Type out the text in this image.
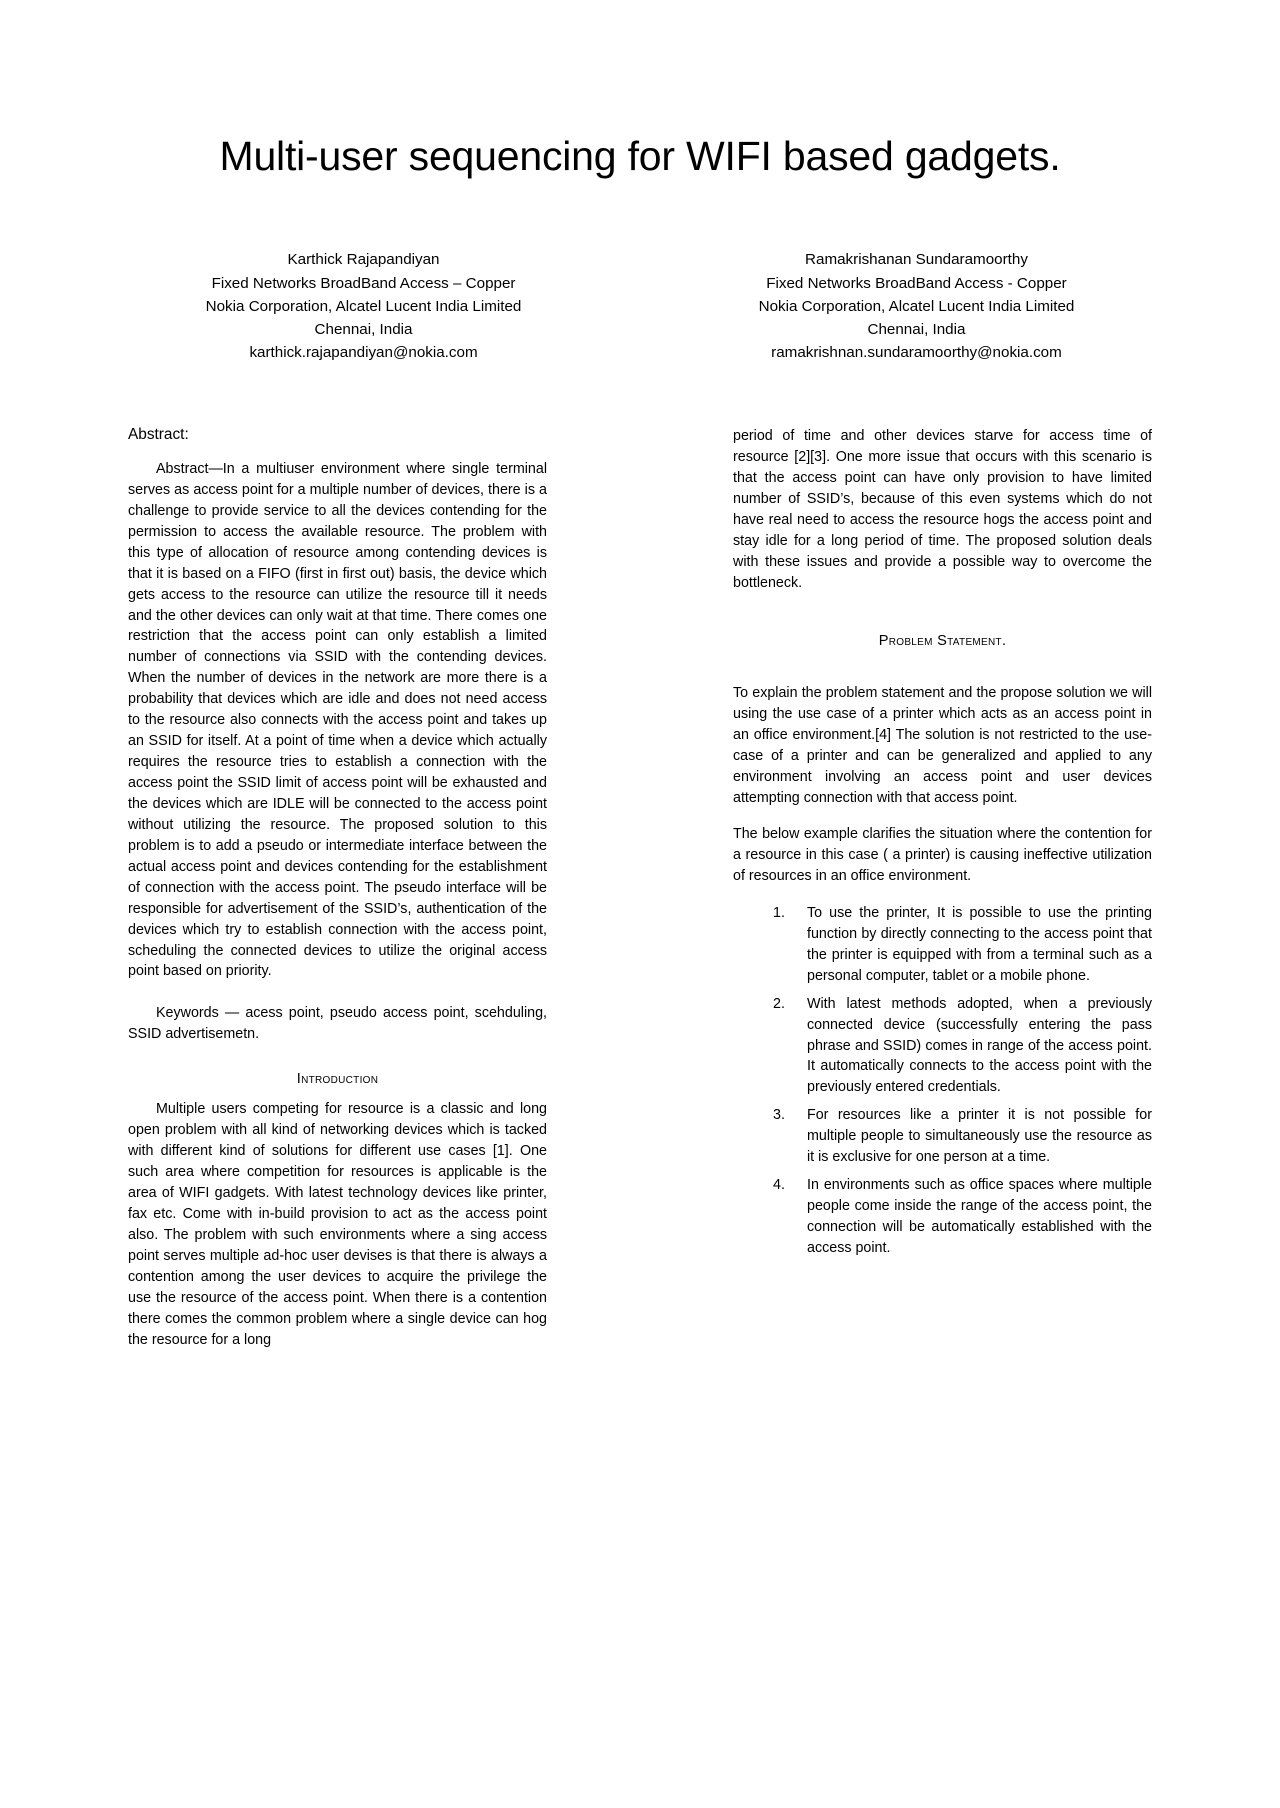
Multi-user sequencing for WIFI based gadgets.
Karthick Rajapandiyan
Fixed Networks BroadBand Access – Copper
Nokia Corporation, Alcatel Lucent India Limited
Chennai, India
karthick.rajapandiyan@nokia.com
Ramakrishanan Sundaramoorthy
Fixed Networks BroadBand Access - Copper
Nokia Corporation, Alcatel Lucent India Limited
Chennai, India
ramakrishnan.sundaramoorthy@nokia.com
Abstract:

Abstract—In a multiuser environment where single terminal serves as access point for a multiple number of devices, there is a challenge to provide service to all the devices contending for the permission to access the available resource. The problem with this type of allocation of resource among contending devices is that it is based on a FIFO (first in first out) basis, the device which gets access to the resource can utilize the resource till it needs and the other devices can only wait at that time. There comes one restriction that the access point can only establish a limited number of connections via SSID with the contending devices. When the number of devices in the network are more there is a probability that devices which are idle and does not need access to the resource also connects with the access point and takes up an SSID for itself. At a point of time when a device which actually requires the resource tries to establish a connection with the access point the SSID limit of access point will be exhausted and the devices which are IDLE will be connected to the access point without utilizing the resource. The proposed solution to this problem is to add a pseudo or intermediate interface between the actual access point and devices contending for the establishment of connection with the access point. The pseudo interface will be responsible for advertisement of the SSID’s, authentication of the devices which try to establish connection with the access point, scheduling the connected devices to utilize the original access point based on priority.

Keywords — acess point, pseudo access point, scehduling, SSID advertisemetn.

Introduction

Multiple users competing for resource is a classic and long open problem with all kind of networking devices which is tacked with different kind of solutions for different use cases [1]. One such area where competition for resources is applicable is the area of WIFI gadgets. With latest technology devices like printer, fax etc. Come with in-build provision to act as the access point also. The problem with such environments where a sing access point serves multiple ad-hoc user devises is that there is always a contention among the user devices to acquire the privilege the use the resource of the access point. When there is a contention there comes the common problem where a single device can hog the resource for a long

period of time and other devices starve for access time of resource [2][3]. One more issue that occurs with this scenario is that the access point can have only provision to have limited number of SSID’s, because of this even systems which do not have real need to access the resource hogs the access point and stay idle for a long period of time. The proposed solution deals with these issues and provide a possible way to overcome the bottleneck.

Problem Statement.

To explain the problem statement and the propose solution we will using the use case of a printer which acts as an access point in an office environment.[4] The solution is not restricted to the use-case of a printer and can be generalized and applied to any environment involving an access point and user devices attempting connection with that access point.

The below example clarifies the situation where the contention for a resource in this case ( a printer) is causing ineffective utilization of resources in an office environment.

To use the printer, It is possible to use the printing function by directly connecting to the access point that the printer is equipped with from a terminal such as a personal computer, tablet or a mobile phone.
With latest methods adopted, when a previously connected device (successfully entering the pass phrase and SSID) comes in range of the access point. It automatically connects to the access point with the previously entered credentials.
For resources like a printer it is not possible for multiple people to simultaneously use the resource as it is exclusive for one person at a time.
In environments such as office spaces where multiple people come inside the range of the access point, the connection will be automatically established with the access point.
